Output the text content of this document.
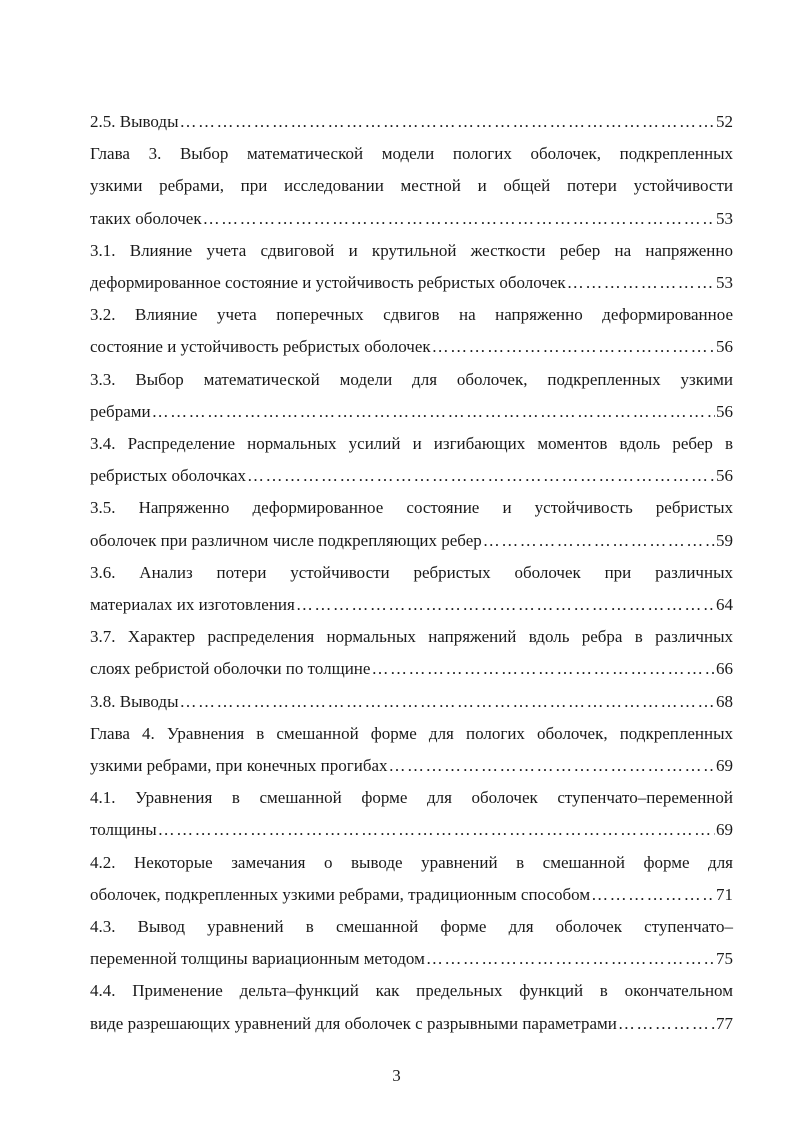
2.5. Выводы ………………………………………………………………………………………………………………………………………………………………	52
Глава 3. Выбор математической модели пологих оболочек, подкрепленных
узкими ребрами, при исследовании местной и общей потери устойчивости
таких оболочек ………………………………………………………………………………………………………………………………………………………………	53
3.1. Влияние учета сдвиговой и крутильной жесткости ребер на напряженно
деформированное состояние и устойчивость ребристых оболочек ………………………………………………………………………………………………………………………………………………………………	53
3.2. Влияние учета поперечных сдвигов на напряженно деформированное
состояние и устойчивость ребристых оболочек ………………………………………………………………………………………………………………………………………………………………	56
3.3. Выбор математической модели для оболочек, подкрепленных узкими
ребрами ………………………………………………………………………………………………………………………………………………………………	56
3.4. Распределение нормальных усилий и изгибающих моментов вдоль ребер в
ребристых оболочках ………………………………………………………………………………………………………………………………………………………………	56
3.5. Напряженно деформированное состояние и устойчивость ребристых
оболочек при различном числе подкрепляющих ребер ………………………………………………………………………………………………………………………………………………………………	59
3.6. Анализ потери устойчивости ребристых оболочек при различных
материалах их изготовления ………………………………………………………………………………………………………………………………………………………………	64
3.7. Характер распределения нормальных напряжений вдоль ребра в различных
слоях ребристой оболочки по толщине ………………………………………………………………………………………………………………………………………………………………	66
3.8. Выводы ………………………………………………………………………………………………………………………………………………………………	68
Глава 4. Уравнения в смешанной форме для пологих оболочек, подкрепленных
узкими ребрами, при конечных прогибах ………………………………………………………………………………………………………………………………………………………………	69
4.1. Уравнения в смешанной форме для оболочек ступенчато–переменной
толщины ………………………………………………………………………………………………………………………………………………………………	69
4.2. Некоторые замечания о выводе уравнений в смешанной форме для
оболочек, подкрепленных узкими ребрами, традиционным способом ………………………………………………………………………………………………………………………………………………………………	71
4.3. Вывод уравнений в смешанной форме для оболочек ступенчато–
переменной толщины вариационным методом ………………………………………………………………………………………………………………………………………………………………	75
4.4. Применение дельта–функций как предельных функций в окончательном
виде разрешающих уравнений для оболочек с разрывными параметрами ………………………………………………………………………………………………………………………………………………………………	77
3
